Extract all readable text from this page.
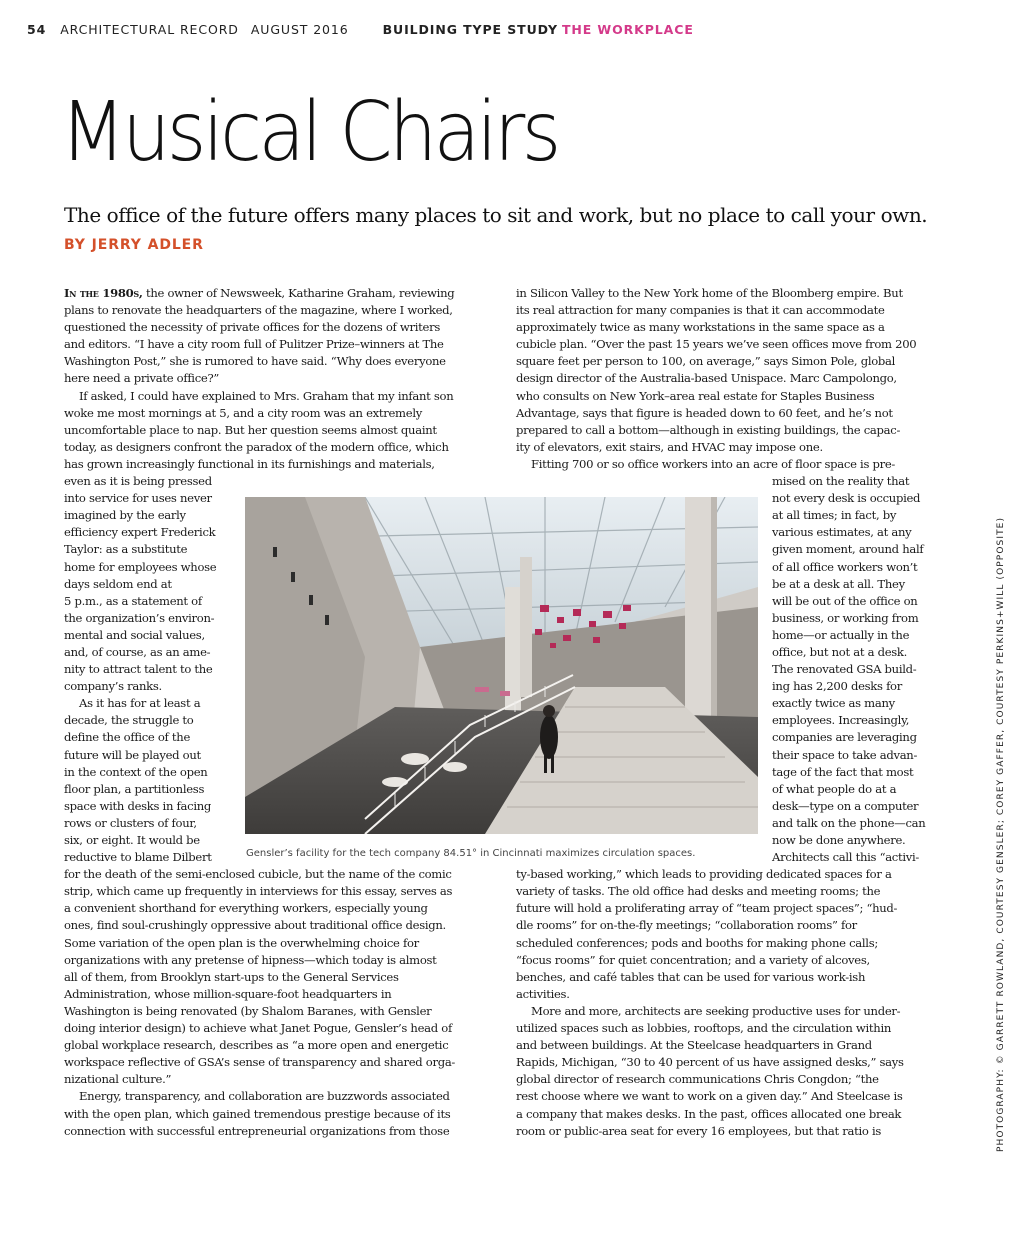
54 ARCHITECTURAL RECORD AUGUST 2016	BUILDING TYPE STUDY THE WORKPLACE
Musical Chairs
The office of the future offers many places to sit and work, but no place to call your own.
BY JERRY ADLER
In the 1980s, the owner of Newsweek, Katharine Graham, reviewing
plans to renovate the headquarters of the magazine, where I worked,
questioned the necessity of private offices for the dozens of writers
and editors. “I have a city room full of Pulitzer Prize–winners at The
Washington Post,” she is rumored to have said. “Why does everyone
here need a private office?”
If asked, I could have explained to Mrs. Graham that my infant son
woke me most mornings at 5, and a city room was an extremely
uncomfortable place to nap. But her question seems almost quaint
today, as designers confront the paradox of the modern office, which
has grown increasingly functional in its furnishings and materials,
even as it is being pressed
into service for uses never
imagined by the early
efficiency expert Frederick
Taylor: as a substitute
home for employees whose
days seldom end at
5 p.m., as a statement of
the organization’s environ-
mental and social values,
and, of course, as an ame-
nity to attract talent to the
company’s ranks.
As it has for at least a
decade, the struggle to
define the office of the
future will be played out
in the context of the open
floor plan, a partitionless
space with desks in facing
rows or clusters of four,
six, or eight. It would be
reductive to blame Dilbert
for the death of the semi-enclosed cubicle, but the name of the comic
strip, which came up frequently in interviews for this essay, serves as
a convenient shorthand for everything workers, especially young
ones, find soul-crushingly oppressive about traditional office design.
Some variation of the open plan is the overwhelming choice for
organizations with any pretense of hipness—which today is almost
all of them, from Brooklyn start-ups to the General Services
Administration, whose million-square-foot headquarters in
Washington is being renovated (by Shalom Baranes, with Gensler
doing interior design) to achieve what Janet Pogue, Gensler’s head of
global workplace research, describes as “a more open and energetic
workspace reflective of GSA’s sense of transparency and shared orga-
nizational culture.”
Energy, transparency, and collaboration are buzzwords associated
with the open plan, which gained tremendous prestige because of its
connection with successful entrepreneurial organizations from those
in Silicon Valley to the New York home of the Bloomberg empire. But
its real attraction for many companies is that it can accommodate
approximately twice as many workstations in the same space as a
cubicle plan. “Over the past 15 years we’ve seen offices move from 200
square feet per person to 100, on average,” says Simon Pole, global
design director of the Australia-based Unispace. Marc Campolongo,
who consults on New York–area real estate for Staples Business
Advantage, says that figure is headed down to 60 feet, and he’s not
prepared to call a bottom—although in existing buildings, the capac-
ity of elevators, exit stairs, and HVAC may impose one.
Fitting 700 or so office workers into an acre of floor space is pre-
mised on the reality that
not every desk is occupied
at all times; in fact, by
various estimates, at any
given moment, around half
of all office workers won’t
be at a desk at all. They
will be out of the office on
business, or working from
home—or actually in the
office, but not at a desk.
The renovated GSA build-
ing has 2,200 desks for
exactly twice as many
employees. Increasingly,
companies are leveraging
their space to take advan-
tage of the fact that most
of what people do at a
desk—type on a computer
and talk on the phone—can
now be done anywhere.
Architects call this “activi-
ty-based working,” which leads to providing dedicated spaces for a
variety of tasks. The old office had desks and meeting rooms; the
future will hold a proliferating array of “team project spaces”; “hud-
dle rooms” for on-the-fly meetings; “collaboration rooms” for
scheduled conferences; pods and booths for making phone calls;
“focus rooms” for quiet concentration; and a variety of alcoves,
benches, and café tables that can be used for various work-ish
activities.
More and more, architects are seeking productive uses for under-
utilized spaces such as lobbies, rooftops, and the circulation within
and between buildings. At the Steelcase headquarters in Grand
Rapids, Michigan, “30 to 40 percent of us have assigned desks,” says
global director of research communications Chris Congdon; “the
rest choose where we want to work on a given day.” And Steelcase is
a company that makes desks. In the past, offices allocated one break
room or public-area seat for every 16 employees, but that ratio is
Gensler’s facility for the tech company 84.51° in Cincinnati maximizes circulation spaces.	PHOTOGRAPHY: © GARRETT ROWLAND, COURTESY GENSLER; COREY GAFFER, COURTESY PERKINS+WILL (OPPOSITE)
